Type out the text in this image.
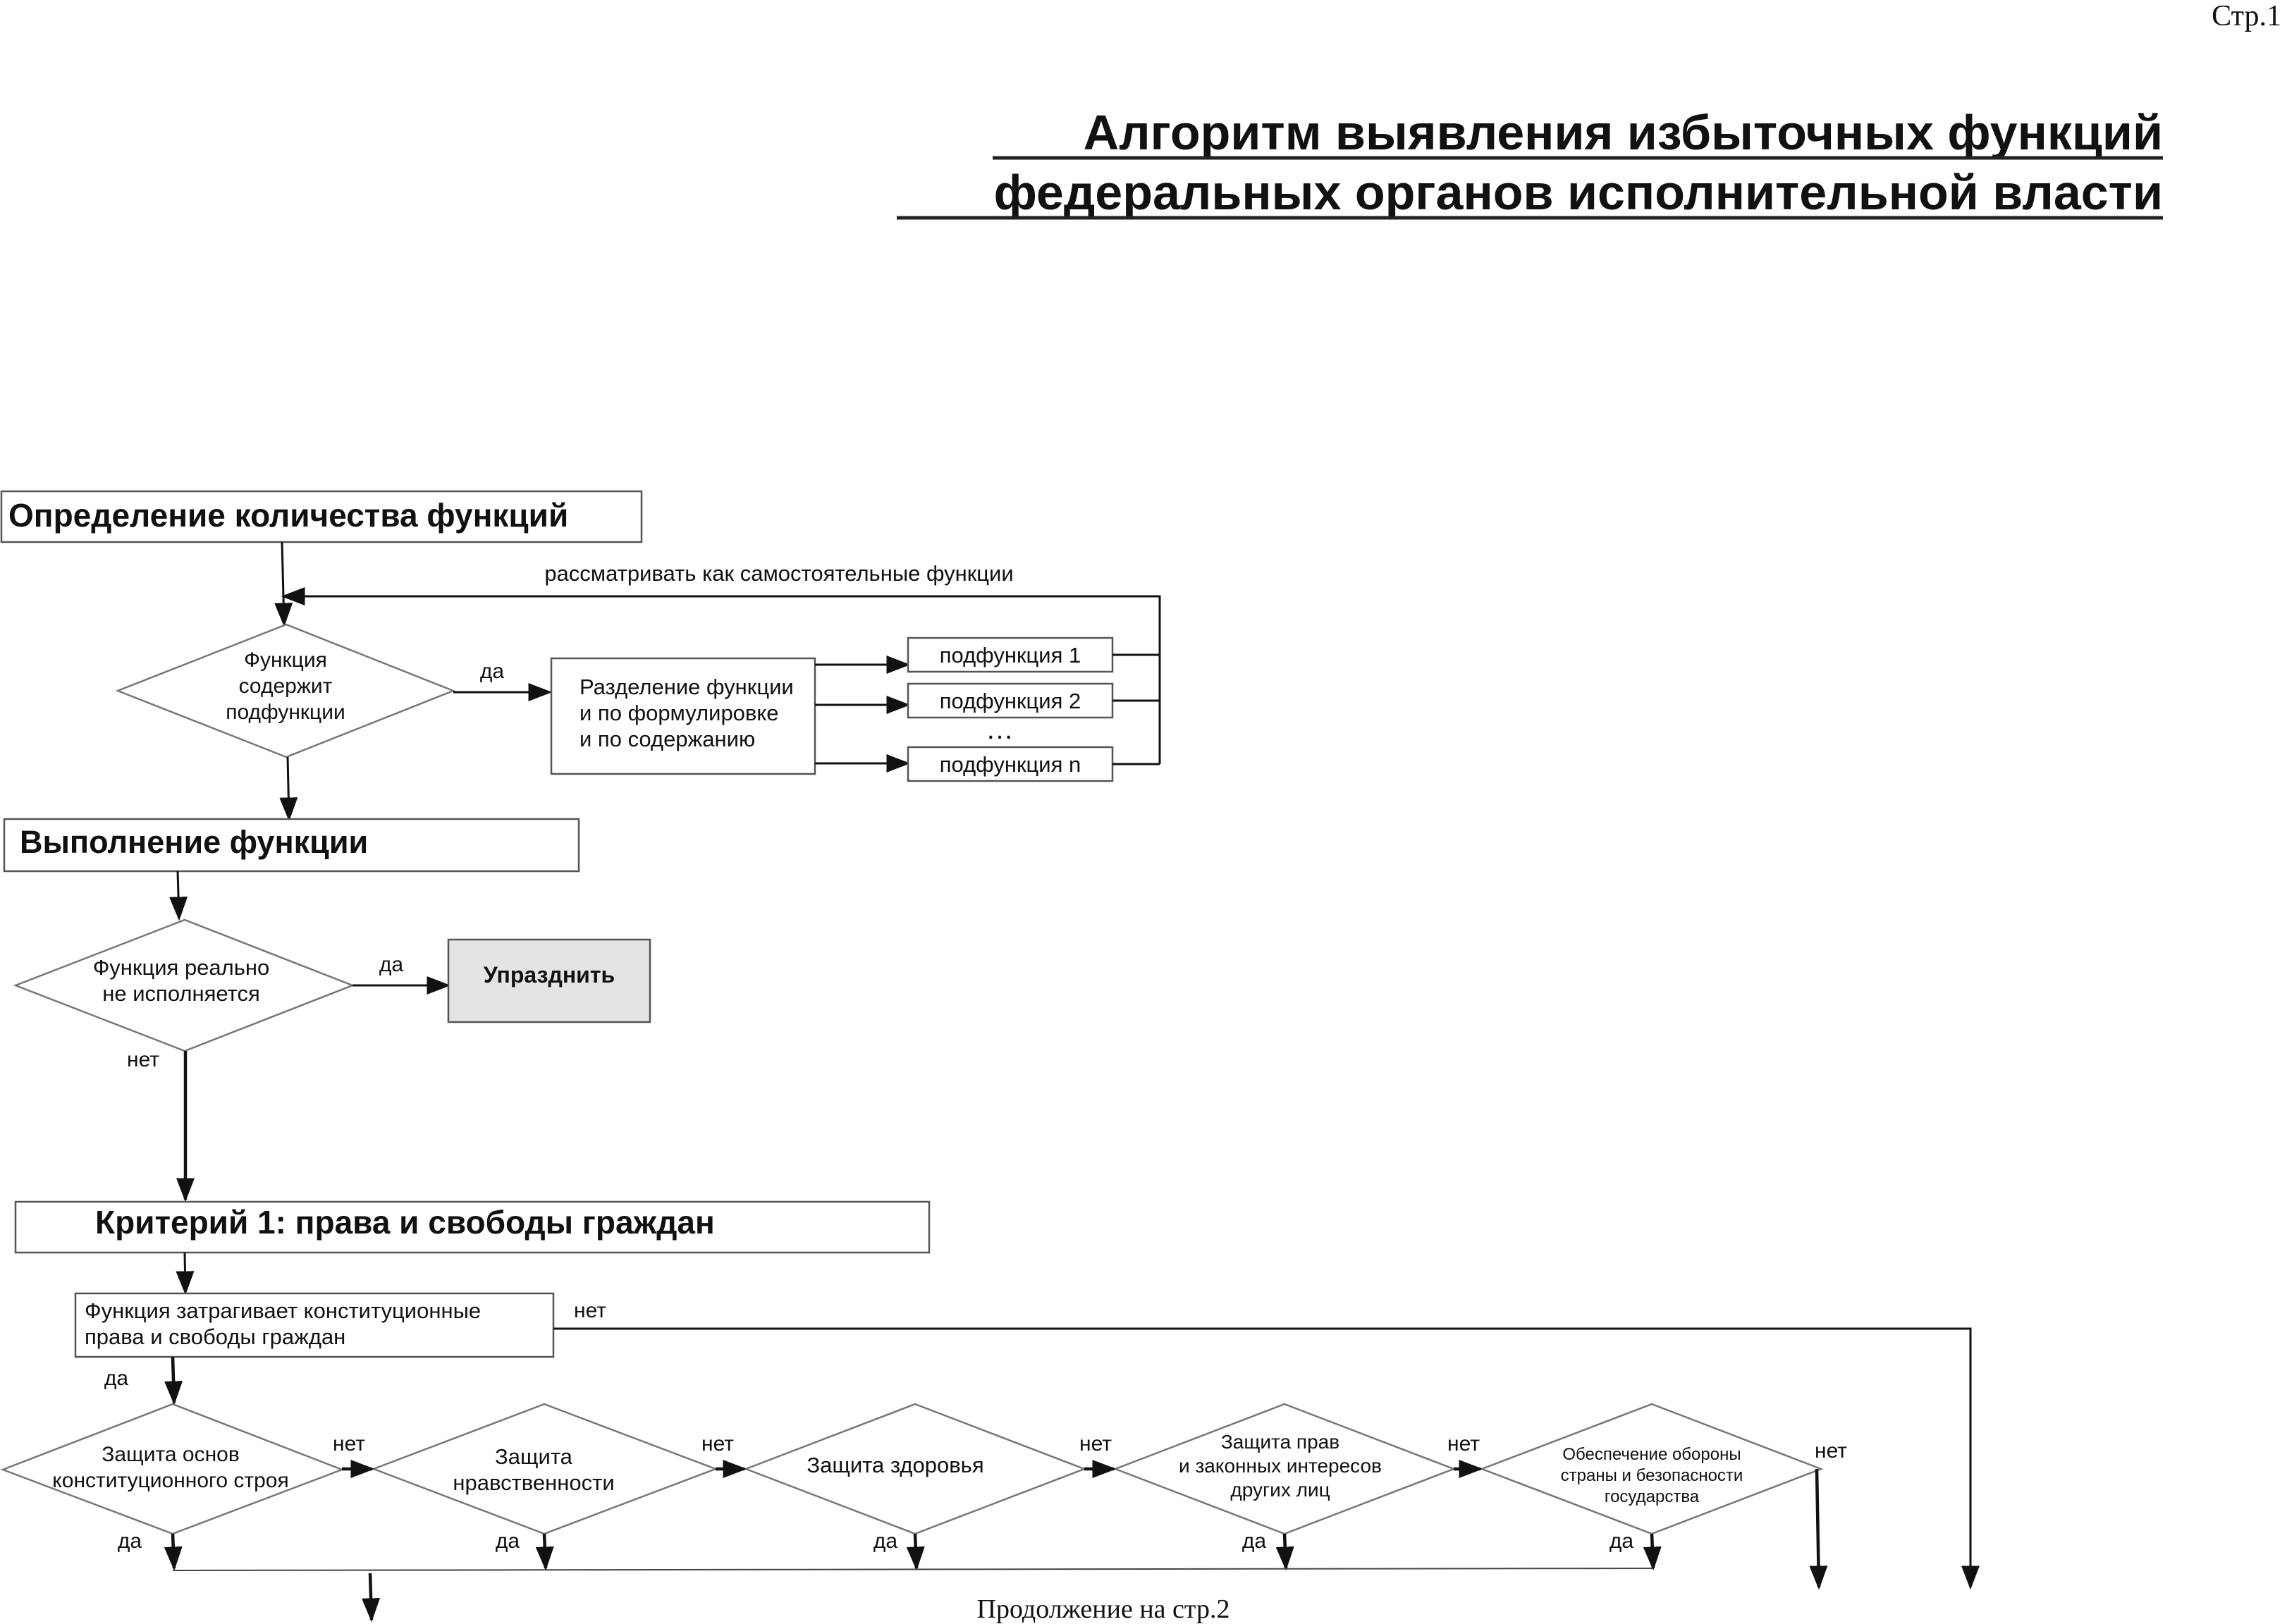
Стр.1
Алгоритм выявления избыточных функций
федеральных органов исполнительной власти
Определение количества функций
Функция
содержит
подфункции
да
Разделение функции
и по формулировке
и по содержанию
подфункция 1
подфункция 2
…
подфункция n
рассматривать как самостоятельные функции
Выполнение функции
Функция реально
не исполняется
да	Упразднить
нет
Критерий 1: права и свободы граждан
Функция затрагивает конституционные
права и свободы граждан
нет
да
Защита основ
конституционного строя
Защита
нравственности
Защита здоровья
Защита прав
и законных интересов
других лиц
Обеспечение обороны
страны и безопасности
государства
нет	нет	нет	нет	нет
да	да	да	да	да
Продолжение на стр.2
